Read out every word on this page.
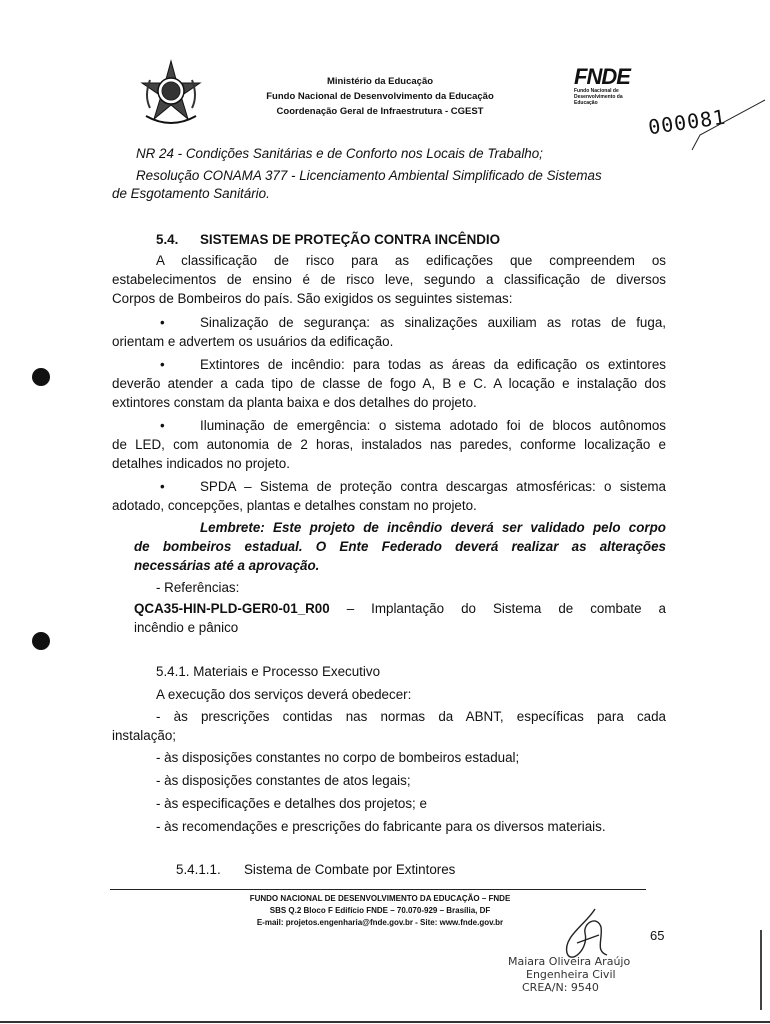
Ministério da Educação
Fundo Nacional de Desenvolvimento da Educação
Coordenação Geral de Infraestrutura - CGEST
FNDE
Fundo Nacional de Desenvolvimento da Educação
000081
NR 24 - Condições Sanitárias e de Conforto nos Locais de Trabalho;
Resolução CONAMA 377 - Licenciamento Ambiental Simplificado de Sistemas
de Esgotamento Sanitário.
5.4. SISTEMAS DE PROTEÇÃO CONTRA INCÊNDIO
A classificação de risco para as edificações que compreendem os
estabelecimentos de ensino é de risco leve, segundo a classificação de diversos
Corpos de Bombeiros do país. São exigidos os seguintes sistemas:
•	Sinalização de segurança: as sinalizações auxiliam as rotas de fuga,
orientam e advertem os usuários da edificação.
•	Extintores de incêndio: para todas as áreas da edificação os extintores
deverão atender a cada tipo de classe de fogo A, B e C. A locação e instalação dos
extintores constam da planta baixa e dos detalhes do projeto.
•	Iluminação de emergência: o sistema adotado foi de blocos autônomos
de LED, com autonomia de 2 horas, instalados nas paredes, conforme localização e
detalhes indicados no projeto.
•	SPDA – Sistema de proteção contra descargas atmosféricas: o sistema
adotado, concepções, plantas e detalhes constam no projeto.
Lembrete: Este projeto de incêndio deverá ser validado pelo corpo
de bombeiros estadual. O Ente Federado deverá realizar as alterações
necessárias até a aprovação.
- Referências:
QCA35-HIN-PLD-GER0-01_R00 – Implantação do Sistema de combate a
incêndio e pânico
5.4.1. Materiais e Processo Executivo
A execução dos serviços deverá obedecer:
- às prescrições contidas nas normas da ABNT, específicas para cada
instalação;
- às disposições constantes no corpo de bombeiros estadual;
- às disposições constantes de atos legais;
- às especificações e detalhes dos projetos; e
- às recomendações e prescrições do fabricante para os diversos materiais.
5.4.1.1. Sistema de Combate por Extintores
FUNDO NACIONAL DE DESENVOLVIMENTO DA EDUCAÇÃO – FNDE
SBS Q.2 Bloco F Edifício FNDE – 70.070-929 – Brasília, DF
E-mail: projetos.engenharia@fnde.gov.br - Site: www.fnde.gov.br
65
Maiara Oliveira Araújo
Engenheira Civil
CREA/N: 9540
